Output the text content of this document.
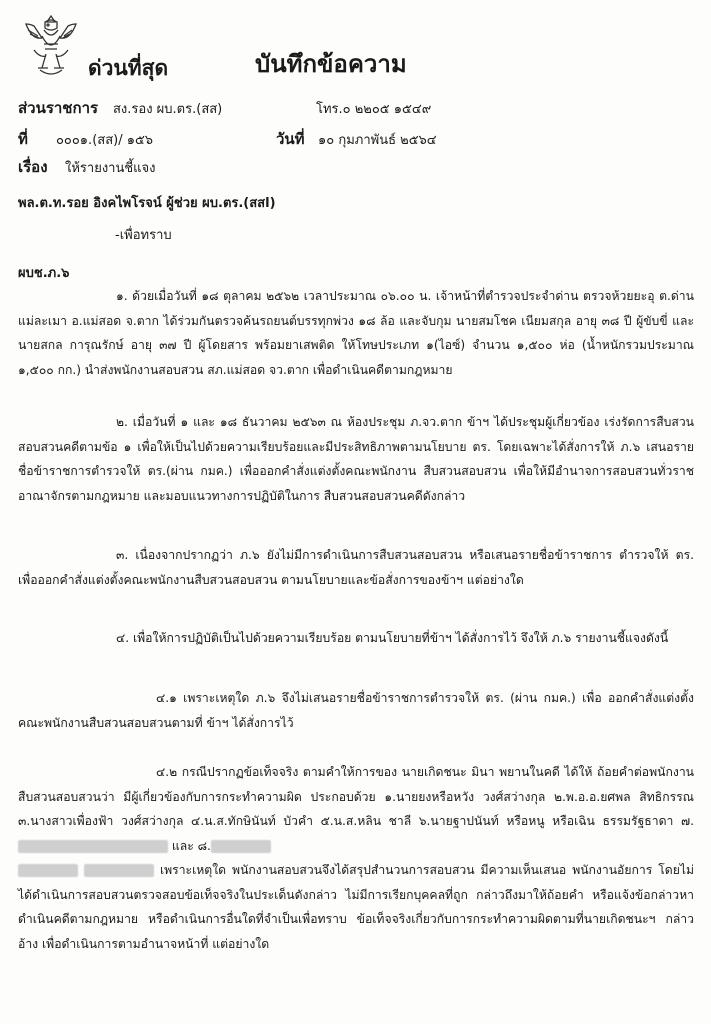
ด่วนที่สุด	บันทึกข้อความ
ส่วนราชการ สง.รอง ผบ.ตร.(สส)	โทร.๐ ๒๒๐๕ ๑๕๔๙
ที่ ๐๐๐๑.(สส)/ ๑๕๖	วันที่ ๑๐ กุมภาพันธ์ ๒๕๖๔
เรื่อง ให้รายงานชี้แจง
พล.ต.ท.รอย อิงคไพโรจน์ ผู้ช่วย ผบ.ตร.(สสl)
-เพื่อทราบ
ผบช.ภ.๖
๑. ด้วยเมื่อวันที่ ๑๘ ตุลาคม ๒๕๖๒ เวลาประมาณ ๐๖.๐๐ น. เจ้าหน้าที่ตำรวจประจำด่าน ตรวจห้วยยะอุ ต.ด่านแม่ละเมา อ.แม่สอด จ.ตาก ได้ร่วมกันตรวจค้นรถยนต์บรรทุกพ่วง ๑๘ ล้อ และจับกุม นายสมโชค เนียมสกุล อายุ ๓๘ ปี ผู้ขับขี่ และนายสกล การุณรักษ์ อายุ ๓๗ ปี ผู้โดยสาร พร้อมยาเสพติด ให้โทษประเภท ๑(ไอซ์) จำนวน ๑,๕๐๐ ห่อ (น้ำหนักรวมประมาณ ๑,๕๐๐ กก.) นำส่งพนักงานสอบสวน สภ.แม่สอด จว.ตาก เพื่อดำเนินคดีตามกฎหมาย
๒. เมื่อวันที่ ๑ และ ๑๘ ธันวาคม ๒๕๖๓ ณ ห้องประชุม ภ.จว.ตาก ข้าฯ ได้ประชุมผู้เกี่ยวข้อง เร่งรัดการสืบสวนสอบสวนคดีตามข้อ ๑ เพื่อให้เป็นไปด้วยความเรียบร้อยและมีประสิทธิภาพตามนโยบาย ตร. โดยเฉพาะได้สั่งการให้ ภ.๖ เสนอรายชื่อข้าราชการตำรวจให้ ตร.(ผ่าน กมค.) เพื่อออกคำสั่งแต่งตั้งคณะพนักงาน สืบสวนสอบสวน เพื่อให้มีอำนาจการสอบสวนทั่วราชอาณาจักรตามกฎหมาย และมอบแนวทางการปฏิบัติในการ สืบสวนสอบสวนคดีดังกล่าว
๓. เนื่องจากปรากฏว่า ภ.๖ ยังไม่มีการดำเนินการสืบสวนสอบสวน หรือเสนอรายชื่อข้าราชการ ตำรวจให้ ตร. เพื่อออกคำสั่งแต่งตั้งคณะพนักงานสืบสวนสอบสวน ตามนโยบายและข้อสั่งการของข้าฯ แต่อย่างใด
๔. เพื่อให้การปฏิบัติเป็นไปด้วยความเรียบร้อย ตามนโยบายที่ข้าฯ ได้สั่งการไว้ จึงให้ ภ.๖ รายงานชี้แจงดังนี้
๔.๑ เพราะเหตุใด ภ.๖ จึงไม่เสนอรายชื่อข้าราชการตำรวจให้ ตร. (ผ่าน กมค.) เพื่อ ออกคำสั่งแต่งตั้งคณะพนักงานสืบสวนสอบสวนตามที่ ข้าฯ ได้สั่งการไว้
๔.๒ กรณีปรากฏข้อเท็จจริง ตามคำให้การของ นายเกิดชนะ มินา พยานในคดี ได้ให้ ถ้อยคำต่อพนักงานสืบสวนสอบสวนว่า มีผู้เกี่ยวข้องกับการกระทำความผิด ประกอบด้วย ๑.นายยงหรือหวัง วงศ์สว่างกุล ๒.พ.อ.อ.ยศพล สิทธิกรรณ ๓.นางสาวเพื่องฟ้า วงศ์สว่างกุล ๔.น.ส.ทักษินันท์ บัวคำ ๕.น.ส.หลิน ชาลี ๖.นายฐาปนันท์ หรือหนู หรือเฉิน ธรรมรัฐธาดา ๗. และ ๘.
เพราะเหตุใด พนักงานสอบสวนจึงได้สรุปสำนวนการสอบสวน มีความเห็นเสนอ พนักงานอัยการ โดยไม่ได้ดำเนินการสอบสวนตรวจสอบข้อเท็จจริงในประเด็นดังกล่าว ไม่มีการเรียกบุคคลที่ถูก กล่าวถึงมาให้ถ้อยคำ หรือแจ้งข้อกล่าวหาดำเนินคดีตามกฎหมาย หรือดำเนินการอื่นใดที่จำเป็นเพื่อทราบ ข้อเท็จจริงเกี่ยวกับการกระทำความผิดตามที่นายเกิดชนะฯ กล่าวอ้าง เพื่อดำเนินการตามอำนาจหน้าที่ แต่อย่างใด
